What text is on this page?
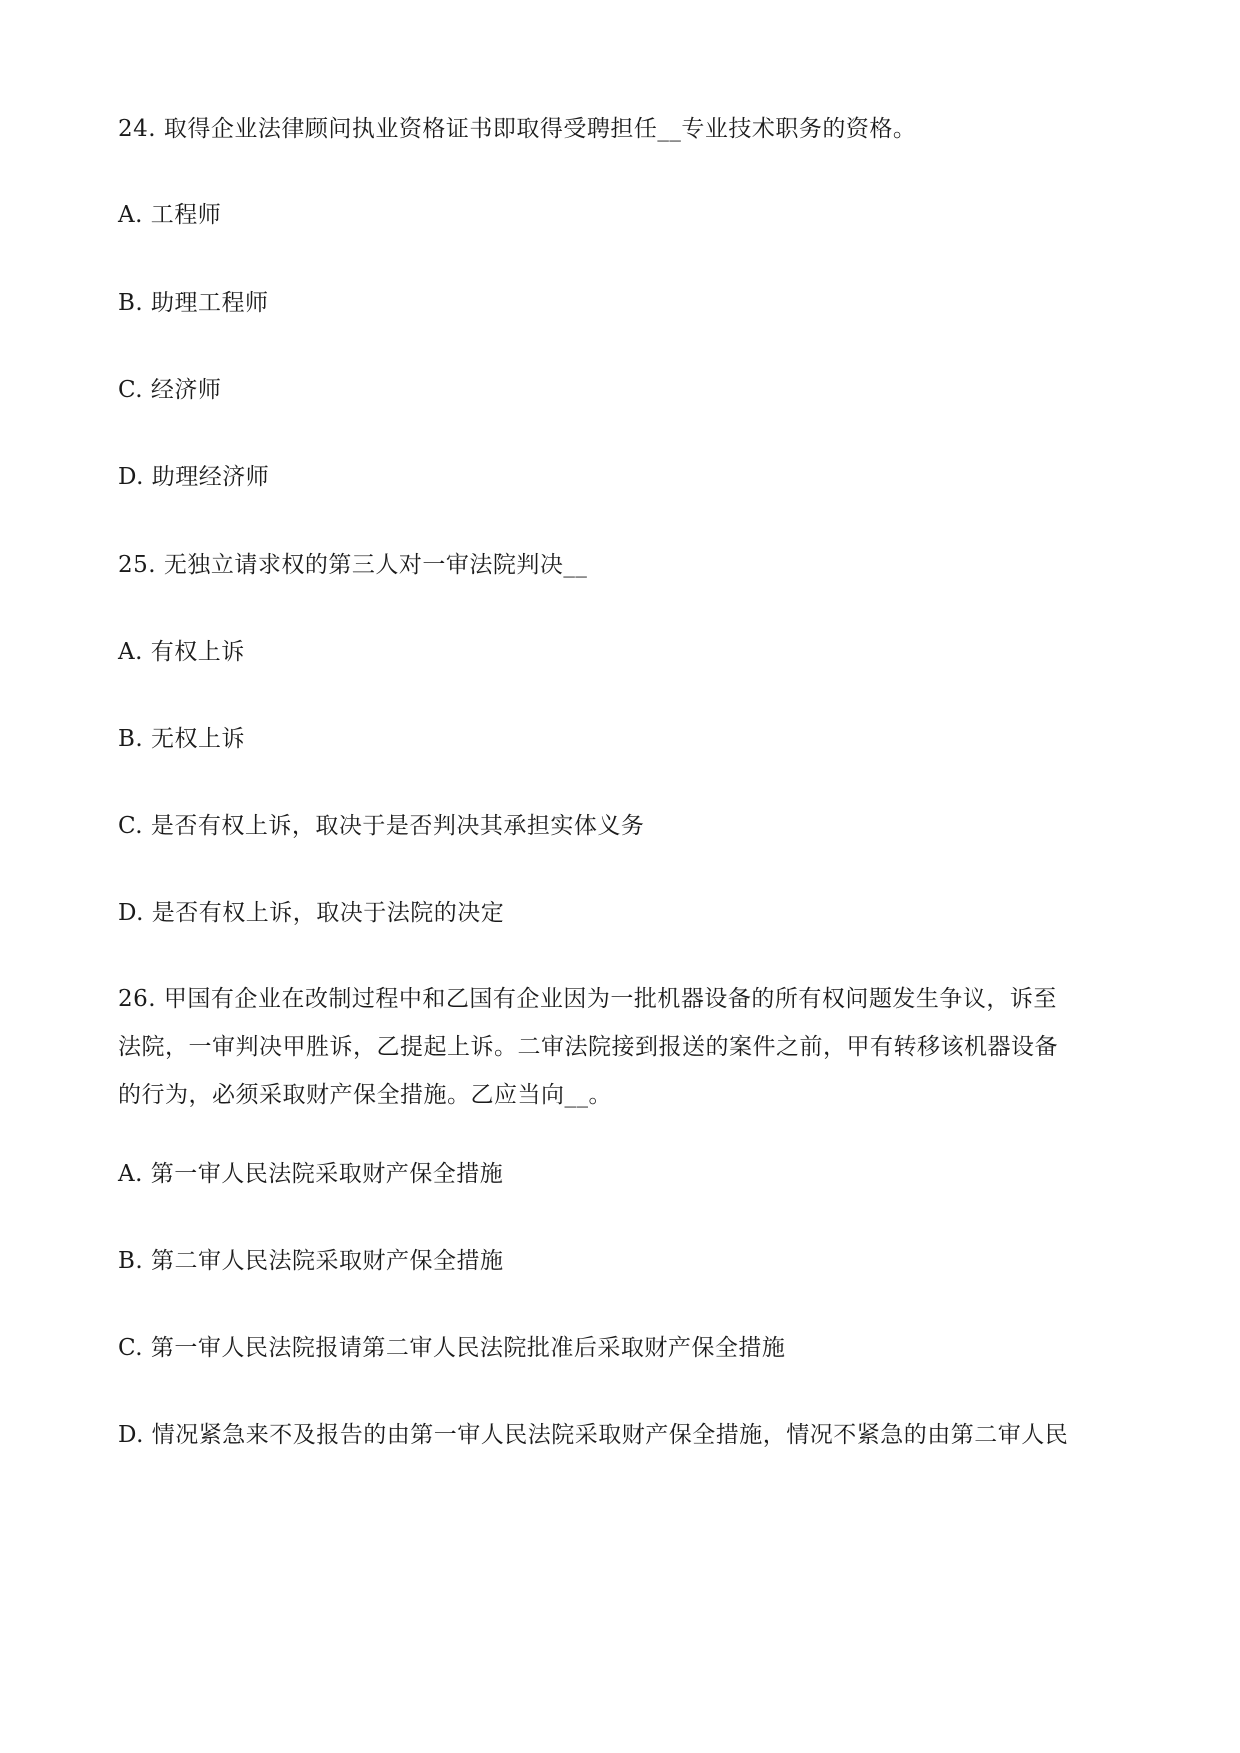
24. 取得企业法律顾问执业资格证书即取得受聘担任__专业技术职务的资格。
A. 工程师
B. 助理工程师
C. 经济师
D. 助理经济师
25. 无独立请求权的第三人对一审法院判决__
A. 有权上诉
B. 无权上诉
C. 是否有权上诉，取决于是否判决其承担实体义务
D. 是否有权上诉，取决于法院的决定
26. 甲国有企业在改制过程中和乙国有企业因为一批机器设备的所有权问题发生争议，诉至
法院，一审判决甲胜诉，乙提起上诉。二审法院接到报送的案件之前，甲有转移该机器设备
的行为，必须采取财产保全措施。乙应当向__。
A. 第一审人民法院采取财产保全措施
B. 第二审人民法院采取财产保全措施
C. 第一审人民法院报请第二审人民法院批准后采取财产保全措施
D. 情况紧急来不及报告的由第一审人民法院采取财产保全措施，情况不紧急的由第二审人民
